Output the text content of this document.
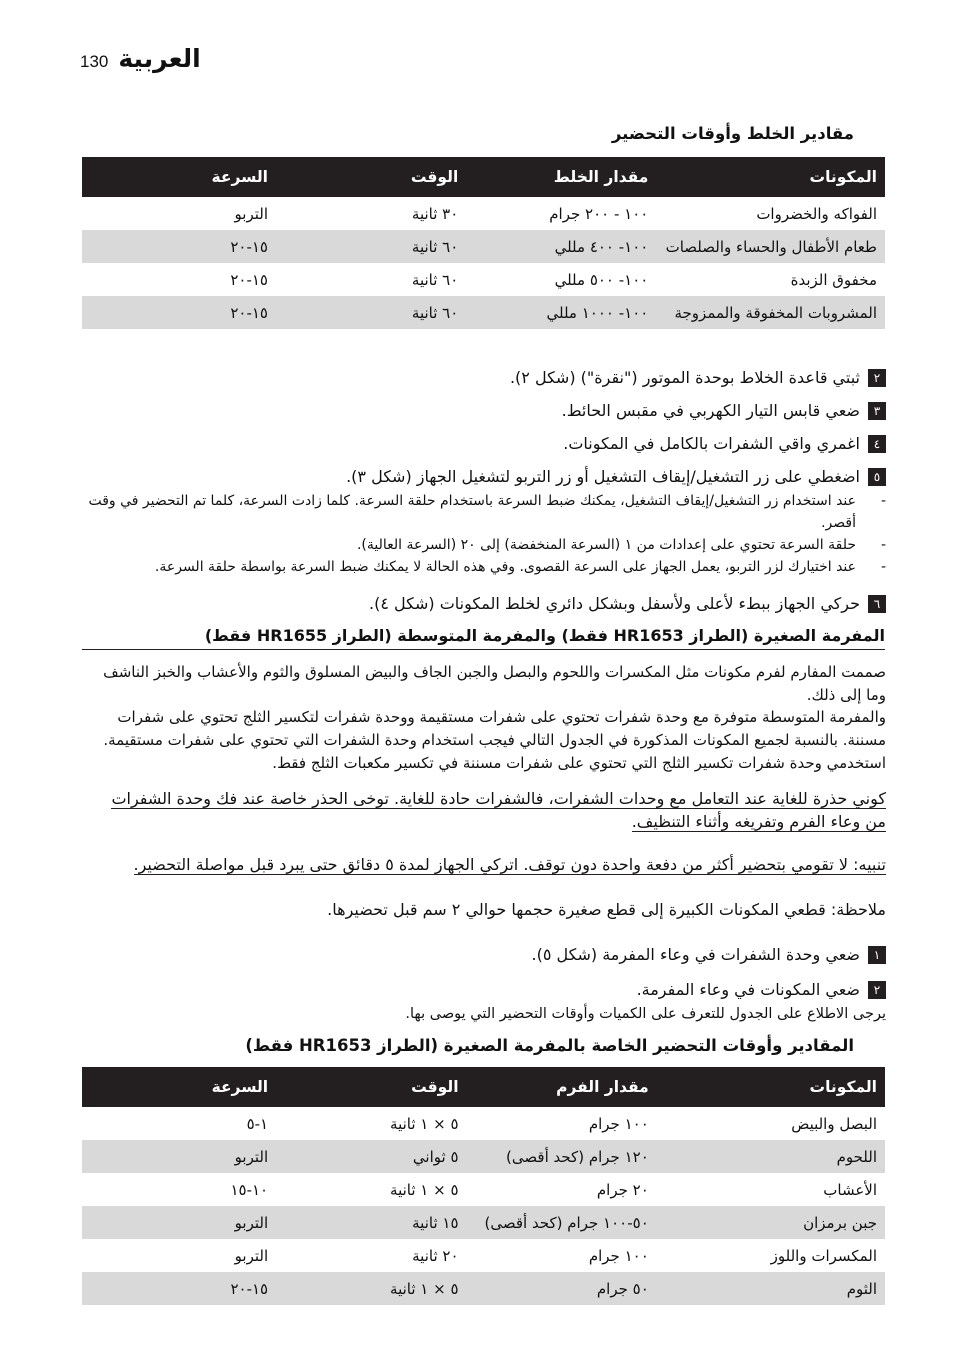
130 العربية
مقادير الخلط وأوقات التحضير
المكونات	مقدار الخلط	الوقت	السرعة
الفواكه والخضروات	١٠٠ - ٢٠٠ جرام	٣٠ ثانية	التربو
طعام الأطفال والحساء والصلصات	١٠٠- ٤٠٠ مللي	٦٠ ثانية	١٥-٢٠
مخفوق الزبدة	١٠٠- ٥٠٠ مللي	٦٠ ثانية	١٥-٢٠
المشروبات المخفوقة والممزوجة	١٠٠- ١٠٠٠ مللي	٦٠ ثانية	١٥-٢٠
٢
ثبتي قاعدة الخلاط بوحدة الموتور ("نقرة") (شكل ٢).
٣
ضعي قابس التيار الكهربي في مقبس الحائط.
٤
اغمري واقي الشفرات بالكامل في المكونات.
٥
اضغطي على زر التشغيل/إيقاف التشغيل أو زر التربو لتشغيل الجهاز (شكل ٣).
- عند استخدام زر التشغيل/إيقاف التشغيل، يمكنك ضبط السرعة باستخدام حلقة السرعة. كلما زادت السرعة، كلما تم التحضير في وقت أقصر.
- حلقة السرعة تحتوي على إعدادات من ١ (السرعة المنخفضة) إلى ٢٠ (السرعة العالية).
- عند اختيارك لزر التربو، يعمل الجهاز على السرعة القصوى. وفي هذه الحالة لا يمكنك ضبط السرعة بواسطة حلقة السرعة.
٦
حركي الجهاز ببطء لأعلى ولأسفل وبشكل دائري لخلط المكونات (شكل ٤).
المفرمة الصغيرة (الطراز HR1653 فقط) والمفرمة المتوسطة (الطراز HR1655 فقط)

صممت المفارم لفرم مكونات مثل المكسرات واللحوم والبصل والجبن الجاف والبيض المسلوق والثوم والأعشاب والخبز الناشف وما إلى ذلك.

والمفرمة المتوسطة متوفرة مع وحدة شفرات تحتوي على شفرات مستقيمة ووحدة شفرات لتكسير الثلج تحتوي على شفرات مسننة. بالنسبة لجميع المكونات المذكورة في الجدول التالي فيجب استخدام وحدة الشفرات التي تحتوي على شفرات مستقيمة. استخدمي وحدة شفرات تكسير الثلج التي تحتوي على شفرات مسننة في تكسير مكعبات الثلج فقط.

كوني حذرة للغاية عند التعامل مع وحدات الشفرات، فالشفرات حادة للغاية. توخى الحذر خاصة عند فك وحدة الشفرات من وعاء الفرم وتفريغه وأثناء التنظيف.

تنبيه: لا تقومي بتحضير أكثر من دفعة واحدة دون توقف. اتركي الجهاز لمدة ٥ دقائق حتى يبرد قبل مواصلة التحضير.

ملاحظة: قطعي المكونات الكبيرة إلى قطع صغيرة حجمها حوالي ٢ سم قبل تحضيرها.

١
ضعي وحدة الشفرات في وعاء المفرمة (شكل ٥).
٢
ضعي المكونات في وعاء المفرمة.

يرجى الاطلاع على الجدول للتعرف على الكميات وأوقات التحضير التي يوصى بها.

المقادير وأوقات التحضير الخاصة بالمفرمة الصغيرة (الطراز HR1653 فقط)
المكونات	مقدار الفرم	الوقت	السرعة
البصل والبيض	١٠٠ جرام	٥ × ١ ثانية	١-٥
اللحوم	١٢٠ جرام (كحد أقصى)	٥ ثواني	التربو
الأعشاب	٢٠ جرام	٥ × ١ ثانية	١٠-١٥
جبن برمزان	٥٠-١٠٠ جرام (كحد أقصى)	١٥ ثانية	التربو
المكسرات واللوز	١٠٠ جرام	٢٠ ثانية	التربو
الثوم	٥٠ جرام	٥ × ١ ثانية	١٥-٢٠
